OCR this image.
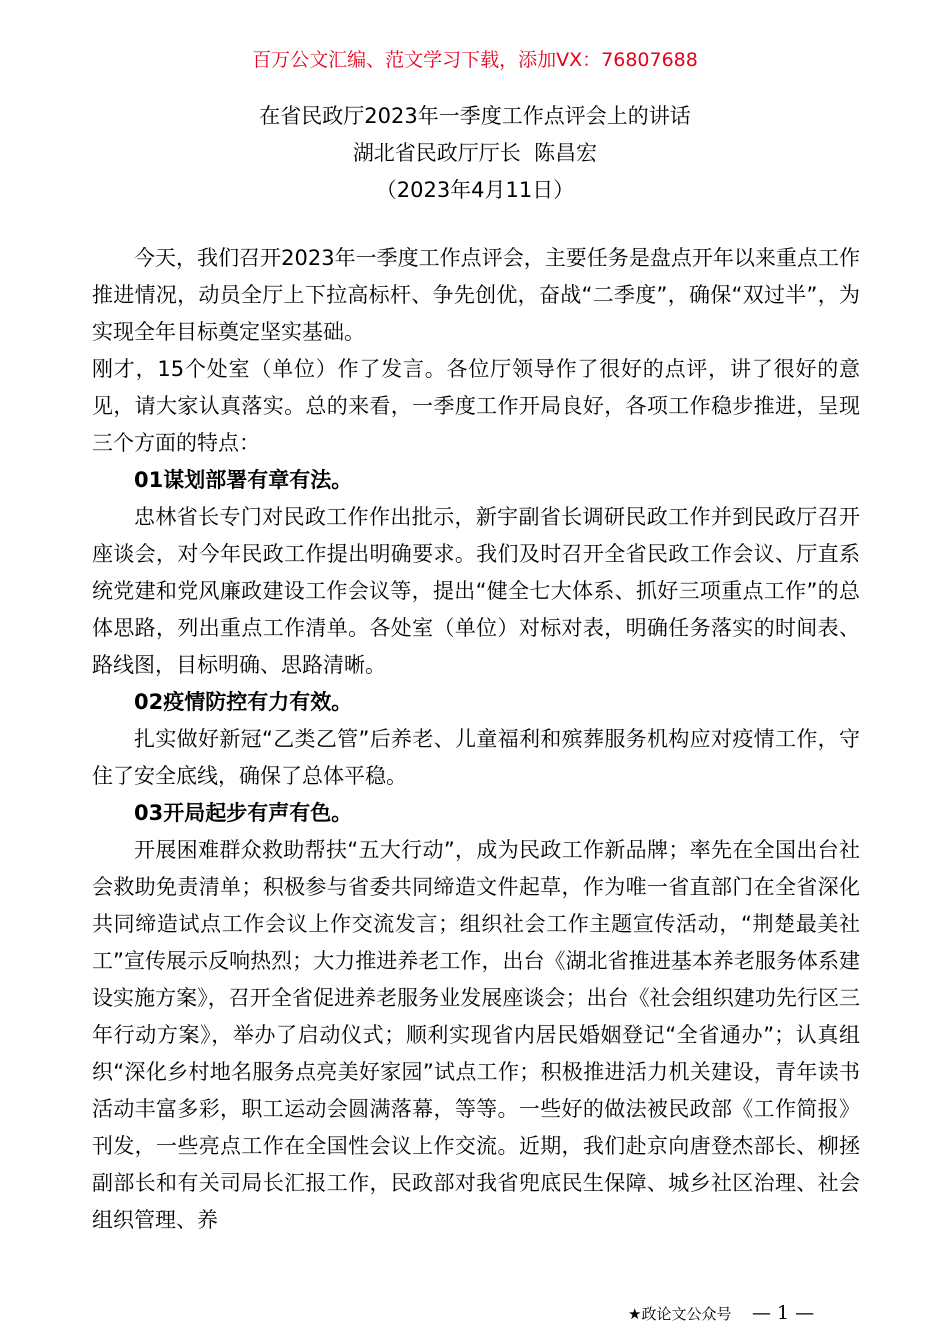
百万公文汇编、范文学习下载，添加VX：76807688
在省民政厅2023年一季度工作点评会上的讲话
湖北省民政厅厅长  陈昌宏
（2023年4月11日）

今天，我们召开2023年一季度工作点评会，主要任务是盘点开年以来重点工作推进情况，动员全厅上下拉高标杆、争先创优，奋战“二季度”，确保“双过半”，为实现全年目标奠定坚实基础。

刚才，15个处室（单位）作了发言。各位厅领导作了很好的点评，讲了很好的意见，请大家认真落实。总的来看，一季度工作开局良好，各项工作稳步推进，呈现三个方面的特点：

01谋划部署有章有法。

忠林省长专门对民政工作作出批示，新宇副省长调研民政工作并到民政厅召开座谈会，对今年民政工作提出明确要求。我们及时召开全省民政工作会议、厅直系统党建和党风廉政建设工作会议等，提出“健全七大体系、抓好三项重点工作”的总体思路，列出重点工作清单。各处室（单位）对标对表，明确任务落实的时间表、路线图，目标明确、思路清晰。

02疫情防控有力有效。

扎实做好新冠“乙类乙管”后养老、儿童福利和殡葬服务机构应对疫情工作，守住了安全底线，确保了总体平稳。

03开局起步有声有色。

开展困难群众救助帮扶“五大行动”，成为民政工作新品牌；率先在全国出台社会救助免责清单；积极参与省委共同缔造文件起草，作为唯一省直部门在全省深化共同缔造试点工作会议上作交流发言；组织社会工作主题宣传活动，“荆楚最美社工”宣传展示反响热烈；大力推进养老工作，出台《湖北省推进基本养老服务体系建设实施方案》，召开全省促进养老服务业发展座谈会；出台《社会组织建功先行区三年行动方案》，举办了启动仪式；顺利实现省内居民婚姻登记“全省通办”；认真组织“深化乡村地名服务点亮美好家园”试点工作；积极推进活力机关建设，青年读书活动丰富多彩，职工运动会圆满落幕，等等。一些好的做法被民政部《工作简报》刊发，一些亮点工作在全国性会议上作交流。近期，我们赴京向唐登杰部长、柳拯副部长和有关司局长汇报工作，民政部对我省兜底民生保障、城乡社区治理、社会组织管理、养

★政论文公众号 — 1 —
